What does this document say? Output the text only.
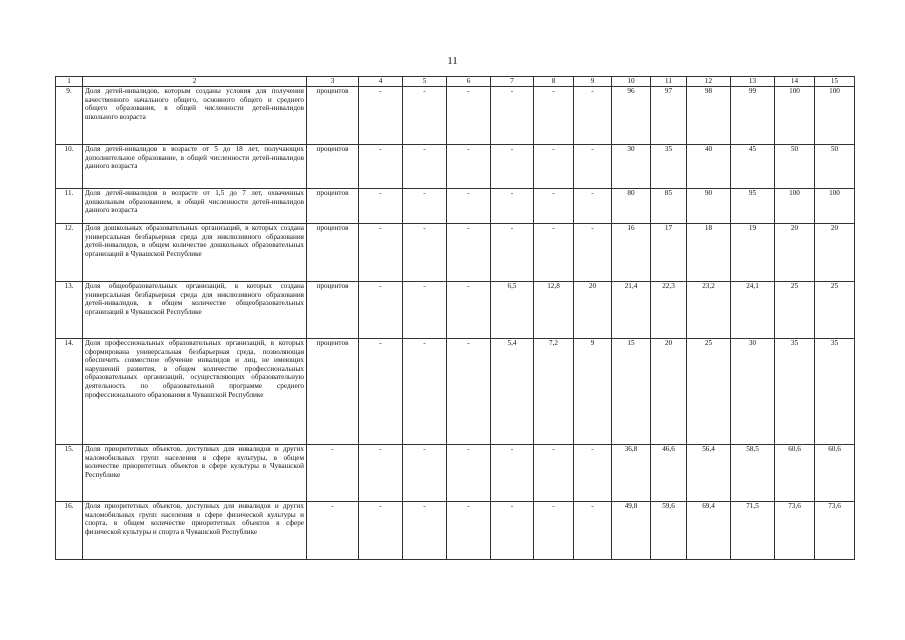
11
1	2	3	4	5	6	7	8	9	10	11	12	13	14	15
9.	Доля детей-инвалидов, которым созданы условия для получения качественного начального общего, основного общего и среднего общего образования, в общей численности детей-инвалидов школьного возраста	процентов	-	-	-	-	-	-	96	97	98	99	100	100
10.	Доля детей-инвалидов в возрасте от 5 до 18 лет, получающих дополнительное образование, в общей численности детей-инвалидов данного возраста	процентов	-	-	-	-	-	-	30	35	40	45	50	50
11.	Доля детей-инвалидов в возрасте от 1,5 до 7 лет, охваченных дошкольным образованием, в общей численности детей-инвалидов данного возраста	процентов	-	-	-	-	-	-	80	85	90	95	100	100
12.	Доля дошкольных образовательных организаций, в которых создана универсальная безбарьерная среда для инклюзивного образования детей-инвалидов, в общем количестве дошкольных образовательных организаций в Чувашской Республике	процентов	-	-	-	-	-	-	16	17	18	19	20	20
13.	Доля общеобразовательных организаций, в которых создана универсальная безбарьерная среда для инклюзивного образования детей-инвалидов, в общем количестве общеобразовательных организаций в Чувашской Республике	процентов	-	-	-	6,5	12,8	20	21,4	22,3	23,2	24,1	25	25
14.	Доля профессиональных образовательных организаций, в которых сформирована универсальная безбарьерная среда, позволяющая обеспечить совместное обучение инвалидов и лиц, не имеющих нарушений развития, в общем количестве профессиональных образовательных организаций, осуществляющих образовательную деятельность по образовательной программе среднего профессионального образования в Чувашской Республике	процентов	-	-	-	5,4	7,2	9	15	20	25	30	35	35
15.	Доля приоритетных объектов, доступных для инвалидов и других маломобильных групп населения в сфере культуры, в общем количестве приоритетных объектов в сфере культуры в Чувашской Республике	-	-	-	-	-	-	-	36,8	46,6	56,4	58,5	60,6	60,6
16.	Доля приоритетных объектов, доступных для инвалидов и других маломобильных групп населения в сфере физической культуры и спорта, в общем количестве приоритетных объектов в сфере физической культуры и спорта в Чувашской Республике	-	-	-	-	-	-	-	49,8	59,6	69,4	71,5	73,6	73,6
